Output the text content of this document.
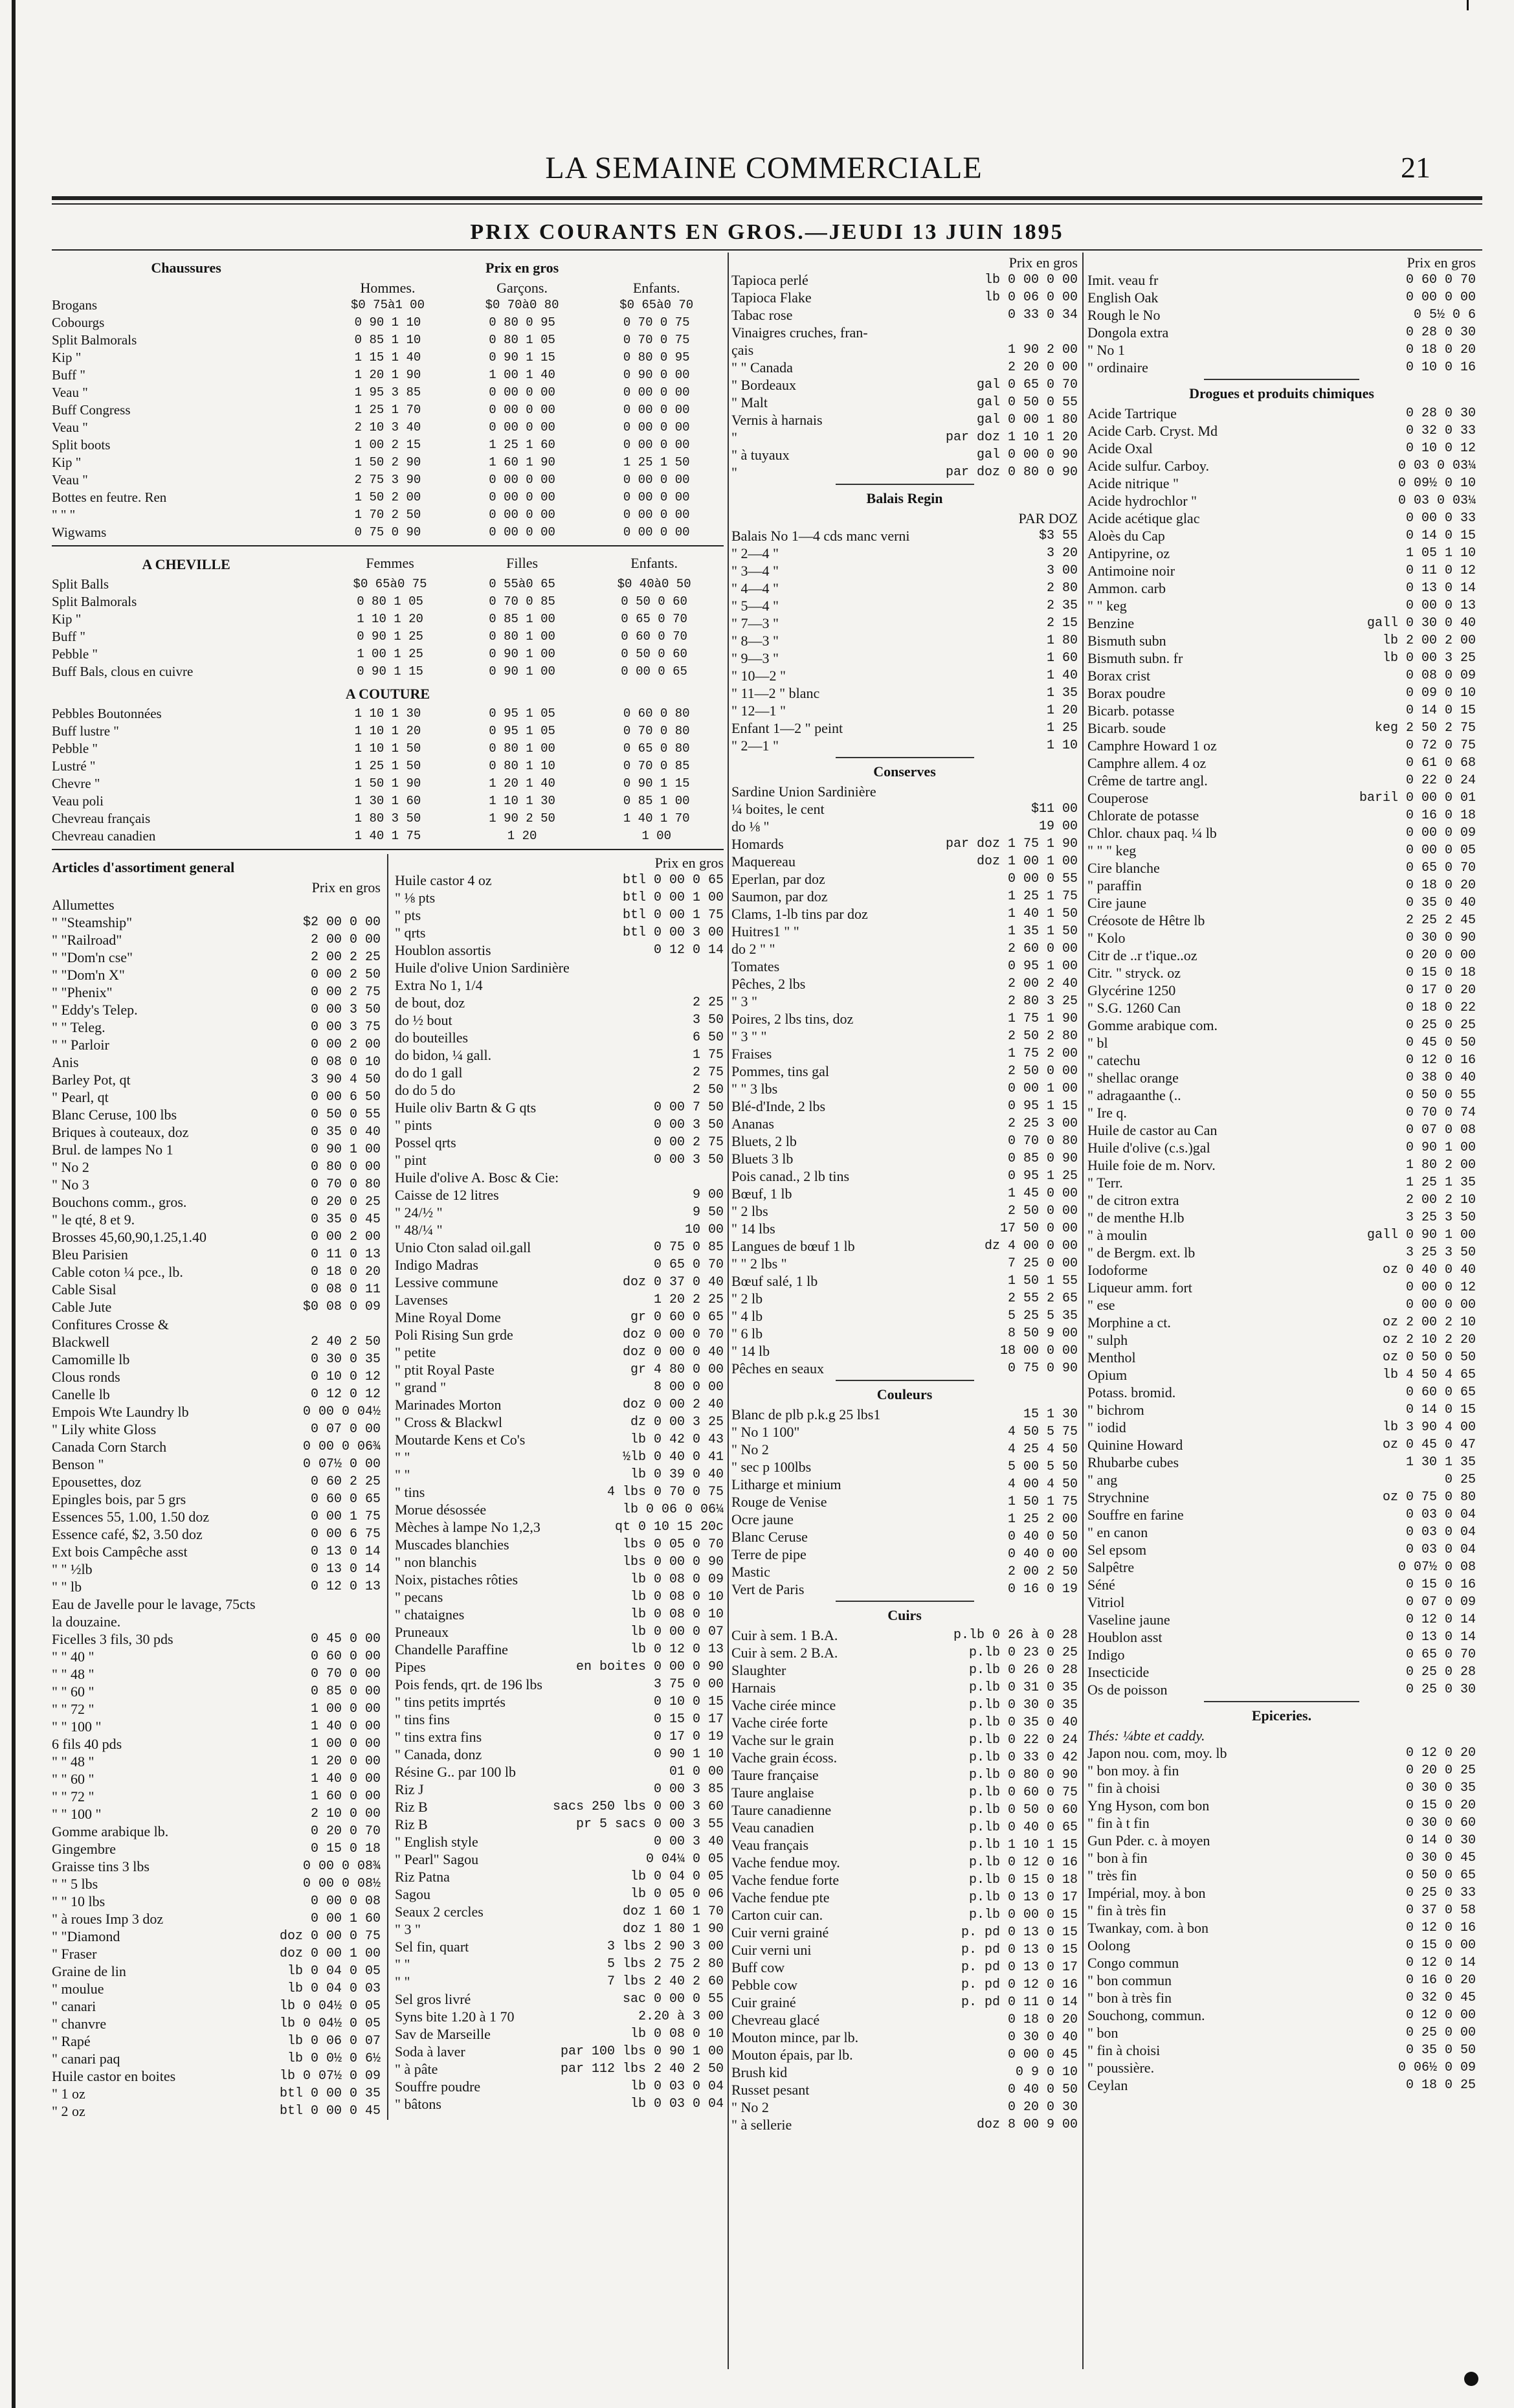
LA SEMAINE COMMERCIALE	21
PRIX COURANTS EN GROS.—JEUDI 13 JUIN 1895
Chaussures	Prix en gros		

	Hommes.	Garçons.	Enfants.
Brogans	$0 75à1 00	$0 70à0 80	$0 65à0 70
Cobourgs	0 90 1 10	0 80 0 95	0 70 0 75
Split Balmorals	0 85 1 10	0 80 1 05	0 70 0 75
Kip "	1 15 1 40	0 90 1 15	0 80 0 95
Buff "	1 20 1 90	1 00 1 40	0 90 0 00
Veau "	1 95 3 85	0 00 0 00	0 00 0 00
Buff Congress	1 25 1 70	0 00 0 00	0 00 0 00
Veau "	2 10 3 40	0 00 0 00	0 00 0 00
Split boots	1 00 2 15	1 25 1 60	0 00 0 00
Kip "	1 50 2 90	1 60 1 90	1 25 1 50
Veau "	2 75 3 90	0 00 0 00	0 00 0 00
Bottes en feutre. Ren	1 50 2 00	0 00 0 00	0 00 0 00
" " "	1 70 2 50	0 00 0 00	0 00 0 00
Wigwams	0 75 0 90	0 00 0 00	0 00 0 00
A CHEVILLE	Femmes	Filles	Enfants.
Split Balls	$0 65à0 75	0 55à0 65	$0 40à0 50
Split Balmorals	0 80 1 05	0 70 0 85	0 50 0 60
Kip "	1 10 1 20	0 85 1 00	0 65 0 70
Buff "	0 90 1 25	0 80 1 00	0 60 0 70
Pebble "	1 00 1 25	0 90 1 00	0 50 0 60
Buff Bals, clous en cuivre	0 90 1 15	0 90 1 00	0 00 0 65
A COUTURE
Pebbles Boutonnées	1 10 1 30	0 95 1 05	0 60 0 80
Buff lustre "	1 10 1 20	0 95 1 05	0 70 0 80
Pebble "	1 10 1 50	0 80 1 00	0 65 0 80
Lustré "	1 25 1 50	0 80 1 10	0 70 0 85
Chevre "	1 50 1 90	1 20 1 40	0 90 1 15
Veau poli	1 30 1 60	1 10 1 30	0 85 1 00
Chevreau français	1 80 3 50	1 90 2 50	1 40 1 70
Chevreau canadien	1 40 1 75	1 20	1 00
Articles d'assortiment general
Prix en gros
Allumettes
" "Steamship"	$2 00 0 00
" "Railroad"	2 00 0 00
" "Dom'n cse"	2 00 2 25
" "Dom'n X"	0 00 2 50
" "Phenix"	0 00 2 75
" Eddy's Telep.	0 00 3 50
" " Teleg.	0 00 3 75
" " Parloir	0 00 2 00
Anis	0 08 0 10
Barley Pot, qt	3 90 4 50
" Pearl, qt	0 00 6 50
Blanc Ceruse, 100 lbs	0 50 0 55
Briques à couteaux, doz	0 35 0 40
Brul. de lampes No 1	0 90 1 00
" No 2	0 80 0 00
" No 3	0 70 0 80
Bouchons comm., gros.	0 20 0 25
" le qté, 8 et 9.	0 35 0 45
Brosses 45,60,90,1.25,1.40	0 00 2 00
Bleu Parisien	0 11 0 13
Cable coton ¼ pce., lb.	0 18 0 20
Cable Sisal	0 08 0 11
Cable Jute	$0 08 0 09
Confitures Crosse &
Blackwell	2 40 2 50
Camomille lb	0 30 0 35
Clous ronds	0 10 0 12
Canelle lb	0 12 0 12
Empois Wte Laundry lb	0 00 0 04½
" Lily white Gloss	0 07 0 00
Canada Corn Starch	0 00 0 06¾
Benson "	0 07½ 0 00
Epousettes, doz	0 60 2 25
Epingles bois, par 5 grs	0 60 0 65
Essences 55, 1.00, 1.50 doz	0 00 1 75
Essence café, $2, 3.50 doz	0 00 6 75
Ext bois Campêche asst	0 13 0 14
" " ½lb	0 13 0 14
" " lb	0 12 0 13
Eau de Javelle pour le lavage, 75cts
la douzaine.
Ficelles 3 fils, 30 pds	0 45 0 00
" " 40 "	0 60 0 00
" " 48 "	0 70 0 00
" " 60 "	0 85 0 00
" " 72 "	1 00 0 00
" " 100 "	1 40 0 00
6 fils 40 pds	1 00 0 00
" " 48 "	1 20 0 00
" " 60 "	1 40 0 00
" " 72 "	1 60 0 00
" " 100 "	2 10 0 00
Gomme arabique lb.	0 20 0 70
Gingembre	0 15 0 18
Graisse tins 3 lbs	0 00 0 08¾
" " 5 lbs	0 00 0 08½
" " 10 lbs	0 00 0 08
" à roues Imp 3 doz	0 00 1 60
" "Diamond	doz 0 00 0 75
" Fraser	doz 0 00 1 00
Graine de lin	lb 0 04 0 05
" moulue	lb 0 04 0 03
" canari	lb 0 04½ 0 05
" chanvre	lb 0 04½ 0 05
" Rapé	lb 0 06 0 07
" canari paq	lb 0 0½ 0 6½
Huile castor en boites	lb 0 07½ 0 09
" 1 oz	btl 0 00 0 35
" 2 oz	btl 0 00 0 45
Prix en gros
Huile castor 4 oz	btl 0 00 0 65
" ⅛ pts	btl 0 00 1 00
" pts	btl 0 00 1 75
" qrts	btl 0 00 3 00
Houblon assortis	0 12 0 14
Huile d'olive Union Sardinière
Extra No 1, 1/4
de bout, doz	2 25
do ½ bout	3 50
do bouteilles	6 50
do bidon, ¼ gall.	1 75
do do 1 gall	2 75
do do 5 do	2 50
Huile oliv Bartn & G qts	0 00 7 50
" pints	0 00 3 50
Possel qrts	0 00 2 75
" pint	0 00 3 50
Huile d'olive A. Bosc & Cie:
Caisse de 12 litres	9 00
" 24/½ "	9 50
" 48/¼ "	10 00
Unio Cton salad oil.gall	0 75 0 85
Indigo Madras	0 65 0 70
Lessive commune	doz 0 37 0 40
Lavenses	1 20 2 25
Mine Royal Dome	gr 0 60 0 65
Poli Rising Sun grde	doz 0 00 0 70
" petite	doz 0 00 0 40
" ptit Royal Paste	gr 4 80 0 00
" grand "	8 00 0 00
Marinades Morton	doz 0 00 2 40
" Cross & Blackwl	dz 0 00 3 25
Moutarde Kens et Co's	lb 0 42 0 43
" "	½lb 0 40 0 41
" "	lb 0 39 0 40
" tins	4 lbs 0 70 0 75
Morue désossée	lb 0 06 0 06¼
Mèches à lampe No 1,2,3	qt 0 10 15 20c
Muscades blanchies	lbs 0 05 0 70
" non blanchis	lbs 0 00 0 90
Noix, pistaches rôties	lb 0 08 0 09
" pecans	lb 0 08 0 10
" chataignes	lb 0 08 0 10
Pruneaux	lb 0 00 0 07
Chandelle Paraffine	lb 0 12 0 13
Pipes	en boites 0 00 0 90
Pois fends, qrt. de 196 lbs	3 75 0 00
" tins petits imprtés	0 10 0 15
" tins fins	0 15 0 17
" tins extra fins	0 17 0 19
" Canada, donz	0 90 1 10
Résine G.. par 100 lb	01 0 00
Riz J	0 00 3 85
Riz B	sacs 250 lbs 0 00 3 60
Riz B	pr 5 sacs 0 00 3 55
" English style	0 00 3 40
" Pearl" Sagou	0 04¼ 0 05
Riz Patna	lb 0 04 0 05
Sagou	lb 0 05 0 06
Seaux 2 cercles	doz 1 60 1 70
" 3 "	doz 1 80 1 90
Sel fin, quart	3 lbs 2 90 3 00
" "	5 lbs 2 75 2 80
" "	7 lbs 2 40 2 60
Sel gros livré	sac 0 00 0 55
Syns bite 1.20 à 1 70	2.20 à 3 00
Sav de Marseille	lb 0 08 0 10
Soda à laver	par 100 lbs 0 90 1 00
" à pâte	par 112 lbs 2 40 2 50
Souffre poudre	lb 0 03 0 04
" bâtons	lb 0 03 0 04
Prix en gros
Tapioca perlé	lb 0 00 0 00
Tapioca Flake	lb 0 06 0 00
Tabac rose	0 33 0 34
Vinaigres cruches, fran-
çais	1 90 2 00
" " Canada	2 20 0 00
" Bordeaux	gal 0 65 0 70
" Malt	gal 0 50 0 55
Vernis à harnais	gal 0 00 1 80
"	par doz 1 10 1 20
" à tuyaux	gal 0 00 0 90
"	par doz 0 80 0 90
Balais Regin
PAR DOZ
Balais No 1—4 cds manc verni	$3 55
" 2—4 "	3 20
" 3—4 "	3 00
" 4—4 "	2 80
" 5—4 "	2 35
" 7—3 "	2 15
" 8—3 "	1 80
" 9—3 "	1 60
" 10—2 "	1 40
" 11—2 " blanc	1 35
" 12—1 "	1 20
Enfant 1—2 " peint	1 25
" 2—1 "	1 10
Conserves
Sardine Union Sardinière
¼ boites, le cent	$11 00
do ⅛ "	19 00
Homards	par doz 1 75 1 90
Maquereau	doz 1 00 1 00
Eperlan, par doz	0 00 0 55
Saumon, par doz	1 25 1 75
Clams, 1-lb tins par doz	1 40 1 50
Huitres1 " "	1 35 1 50
do 2 " "	2 60 0 00
Tomates	0 95 1 00
Pêches, 2 lbs	2 00 2 40
" 3 "	2 80 3 25
Poires, 2 lbs tins, doz	1 75 1 90
" 3 " "	2 50 2 80
Fraises	1 75 2 00
Pommes, tins gal	2 50 0 00
" " 3 lbs	0 00 1 00
Blé-d'Inde, 2 lbs	0 95 1 15
Ananas	2 25 3 00
Bluets, 2 lb	0 70 0 80
Bluets 3 lb	0 85 0 90
Pois canad., 2 lb tins	0 95 1 25
Bœuf, 1 lb	1 45 0 00
" 2 lbs	2 50 0 00
" 14 lbs	17 50 0 00
Langues de bœuf 1 lb	dz 4 00 0 00
" " 2 lbs "	7 25 0 00
Bœuf salé, 1 lb	1 50 1 55
" 2 lb	2 55 2 65
" 4 lb	5 25 5 35
" 6 lb	8 50 9 00
" 14 lb	18 00 0 00
Pêches en seaux	0 75 0 90
Couleurs
Blanc de plb p.k.g 25 lbs1	15 1 30
" No 1 100"	4 50 5 75
" No 2	4 25 4 50
" sec p 100lbs	5 00 5 50
Litharge et minium	4 00 4 50
Rouge de Venise	1 50 1 75
Ocre jaune	1 25 2 00
Blanc Ceruse	0 40 0 50
Terre de pipe	0 40 0 00
Mastic	2 00 2 50
Vert de Paris	0 16 0 19
Cuirs
Cuir à sem. 1 B.A.	p.lb 0 26 à 0 28
Cuir à sem. 2 B.A.	p.lb 0 23 0 25
Slaughter	p.lb 0 26 0 28
Harnais	p.lb 0 31 0 35
Vache cirée mince	p.lb 0 30 0 35
Vache cirée forte	p.lb 0 35 0 40
Vache sur le grain	p.lb 0 22 0 24
Vache grain écoss.	p.lb 0 33 0 42
Taure française	p.lb 0 80 0 90
Taure anglaise	p.lb 0 60 0 75
Taure canadienne	p.lb 0 50 0 60
Veau canadien	p.lb 0 40 0 65
Veau français	p.lb 1 10 1 15
Vache fendue moy.	p.lb 0 12 0 16
Vache fendue forte	p.lb 0 15 0 18
Vache fendue pte	p.lb 0 13 0 17
Carton cuir can.	p.lb 0 00 0 15
Cuir verni grainé	p. pd 0 13 0 15
Cuir verni uni	p. pd 0 13 0 15
Buff cow	p. pd 0 13 0 17
Pebble cow	p. pd 0 12 0 16
Cuir grainé	p. pd 0 11 0 14
Chevreau glacé	0 18 0 20
Mouton mince, par lb.	0 30 0 40
Mouton épais, par lb.	0 00 0 45
Brush kid	0 9 0 10
Russet pesant	0 40 0 50
" No 2	0 20 0 30
" à sellerie	doz 8 00 9 00
Prix en gros
Imit. veau fr	0 60 0 70
English Oak	0 00 0 00
Rough le No	0 5½ 0 6
Dongola extra	0 28 0 30
" No 1	0 18 0 20
" ordinaire	0 10 0 16
Drogues et produits chimiques
Acide Tartrique	0 28 0 30
Acide Carb. Cryst. Md	0 32 0 33
Acide Oxal	0 10 0 12
Acide sulfur. Carboy.	0 03 0 03¼
Acide nitrique "	0 09½ 0 10
Acide hydrochlor "	0 03 0 03¼
Acide acétique glac	0 00 0 33
Aloès du Cap	0 14 0 15
Antipyrine, oz	1 05 1 10
Antimoine noir	0 11 0 12
Ammon. carb	0 13 0 14
" " keg	0 00 0 13
Benzine	gall 0 30 0 40
Bismuth subn	lb 2 00 2 00
Bismuth subn. fr	lb 0 00 3 25
Borax crist	0 08 0 09
Borax poudre	0 09 0 10
Bicarb. potasse	0 14 0 15
Bicarb. soude	keg 2 50 2 75
Camphre Howard 1 oz	0 72 0 75
Camphre allem. 4 oz	0 61 0 68
Crême de tartre angl.	0 22 0 24
Couperose	baril 0 00 0 01
Chlorate de potasse	0 16 0 18
Chlor. chaux paq. ¼ lb	0 00 0 09
" " " keg	0 00 0 05
Cire blanche	0 65 0 70
" paraffin	0 18 0 20
Cire jaune	0 35 0 40
Créosote de Hêtre lb	2 25 2 45
" Kolo	0 30 0 90
Citr de ..r t'ique..oz	0 20 0 00
Citr. " stryck. oz	0 15 0 18
Glycérine 1250	0 17 0 20
" S.G. 1260 Can	0 18 0 22
Gomme arabique com.	0 25 0 25
" bl	0 45 0 50
" catechu	0 12 0 16
" shellac orange	0 38 0 40
" adragaanthe (..	0 50 0 55
" Ire q.	0 70 0 74
Huile de castor au Can	0 07 0 08
Huile d'olive (c.s.)gal	0 90 1 00
Huile foie de m. Norv.	1 80 2 00
" Terr.	1 25 1 35
" de citron extra	2 00 2 10
" de menthe H.lb	3 25 3 50
" à moulin	gall 0 90 1 00
" de Bergm. ext. lb	3 25 3 50
Iodoforme	oz 0 40 0 40
Liqueur amm. fort	0 00 0 12
" ese	0 00 0 00
Morphine a ct.	oz 2 00 2 10
" sulph	oz 2 10 2 20
Menthol	oz 0 50 0 50
Opium	lb 4 50 4 65
Potass. bromid.	0 60 0 65
" bichrom	0 14 0 15
" iodid	lb 3 90 4 00
Quinine Howard	oz 0 45 0 47
Rhubarbe cubes	1 30 1 35
" ang	0 25
Strychnine	oz 0 75 0 80
Souffre en farine	0 03 0 04
" en canon	0 03 0 04
Sel epsom	0 03 0 04
Salpêtre	0 07½ 0 08
Séné	0 15 0 16
Vitriol	0 07 0 09
Vaseline jaune	0 12 0 14
Houblon asst	0 13 0 14
Indigo	0 65 0 70
Insecticide	0 25 0 28
Os de poisson	0 25 0 30
Epiceries.
Thés: ¼bte et caddy.
Japon nou. com, moy. lb	0 12 0 20
" bon moy. à fin	0 20 0 25
" fin à choisi	0 30 0 35
Yng Hyson, com bon	0 15 0 20
" fin à t fin	0 30 0 60
Gun Pder. c. à moyen	0 14 0 30
" bon à fin	0 30 0 45
" très fin	0 50 0 65
Impérial, moy. à bon	0 25 0 33
" fin à très fin	0 37 0 58
Twankay, com. à bon	0 12 0 16
Oolong	0 15 0 00
Congo commun	0 12 0 14
" bon commun	0 16 0 20
" bon à très fin	0 32 0 45
Souchong, commun.	0 12 0 00
" bon	0 25 0 00
" fin à choisi	0 35 0 50
" poussière.	0 06½ 0 09
Ceylan	0 18 0 25
